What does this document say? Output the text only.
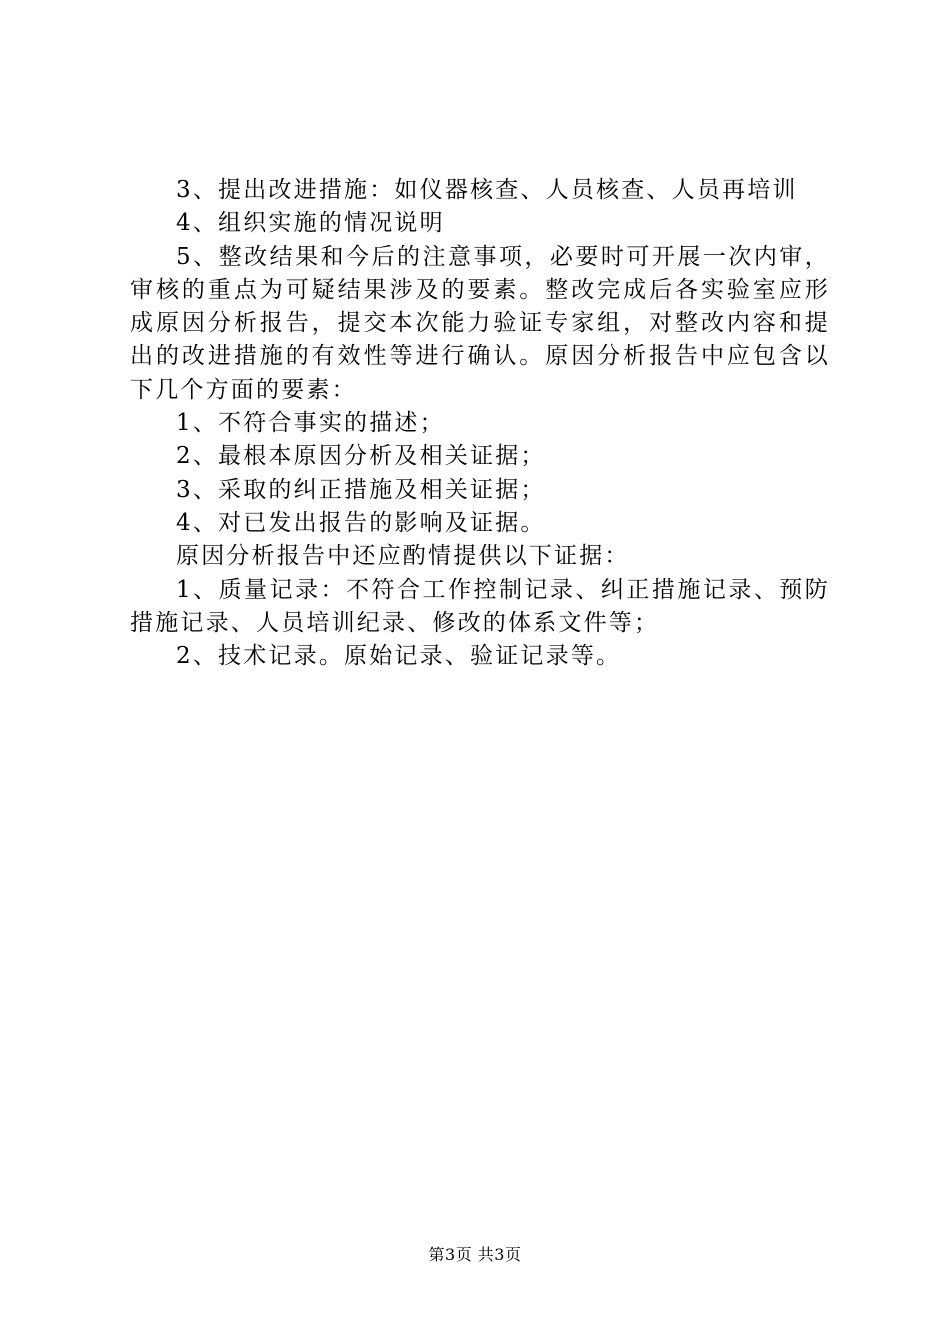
3、提出改进措施：如仪器核查、人员核查、人员再培训

4、组织实施的情况说明

5、整改结果和今后的注意事项，必要时可开展一次内审，审核的重点为可疑结果涉及的要素。整改完成后各实验室应形成原因分析报告，提交本次能力验证专家组，对整改内容和提出的改进措施的有效性等进行确认。原因分析报告中应包含以下几个方面的要素：

1、不符合事实的描述；

2、最根本原因分析及相关证据；

3、采取的纠正措施及相关证据；

4、对已发出报告的影响及证据。

原因分析报告中还应酌情提供以下证据：

1、质量记录：不符合工作控制记录、纠正措施记录、预防措施记录、人员培训纪录、修改的体系文件等；

2、技术记录。原始记录、验证记录等。

第3页 共3页
